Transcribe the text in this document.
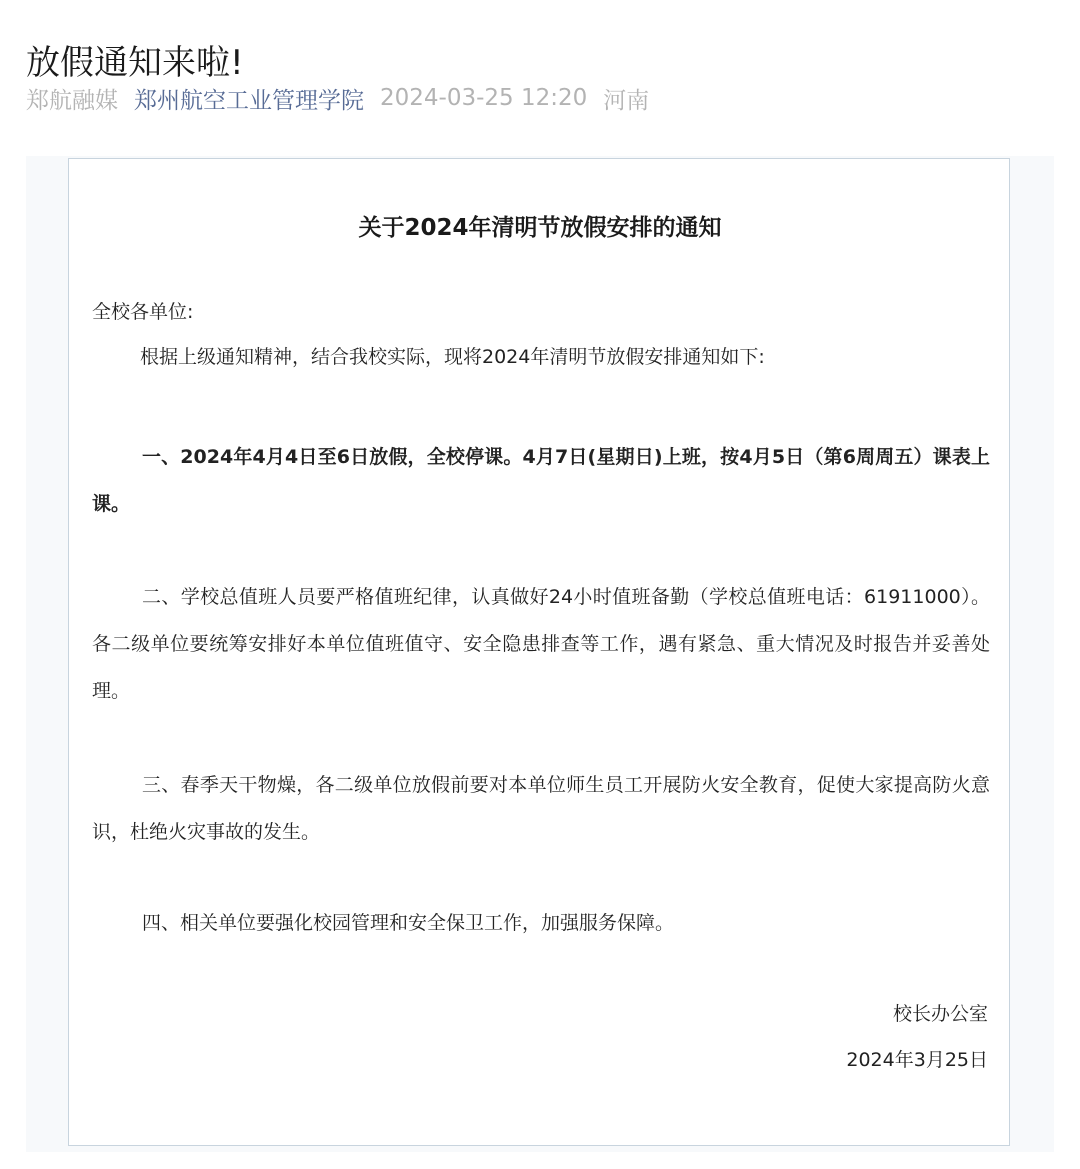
放假通知来啦!
郑航融媒 郑州航空工业管理学院 2024-03-25 12:20 河南
关于2024年清明节放假安排的通知
全校各单位:
根据上级通知精神，结合我校实际，现将2024年清明节放假安排通知如下:
一、2024年4月4日至6日放假，全校停课。4月7日(星期日)上班，按4月5日（第6周周五）课表上课。
二、学校总值班人员要严格值班纪律，认真做好24小时值班备勤（学校总值班电话：61911000）。各二级单位要统筹安排好本单位值班值守、安全隐患排查等工作，遇有紧急、重大情况及时报告并妥善处理。
三、春季天干物燥，各二级单位放假前要对本单位师生员工开展防火安全教育，促使大家提高防火意识，杜绝火灾事故的发生。
四、相关单位要强化校园管理和安全保卫工作，加强服务保障。
校长办公室
2024年3月25日
